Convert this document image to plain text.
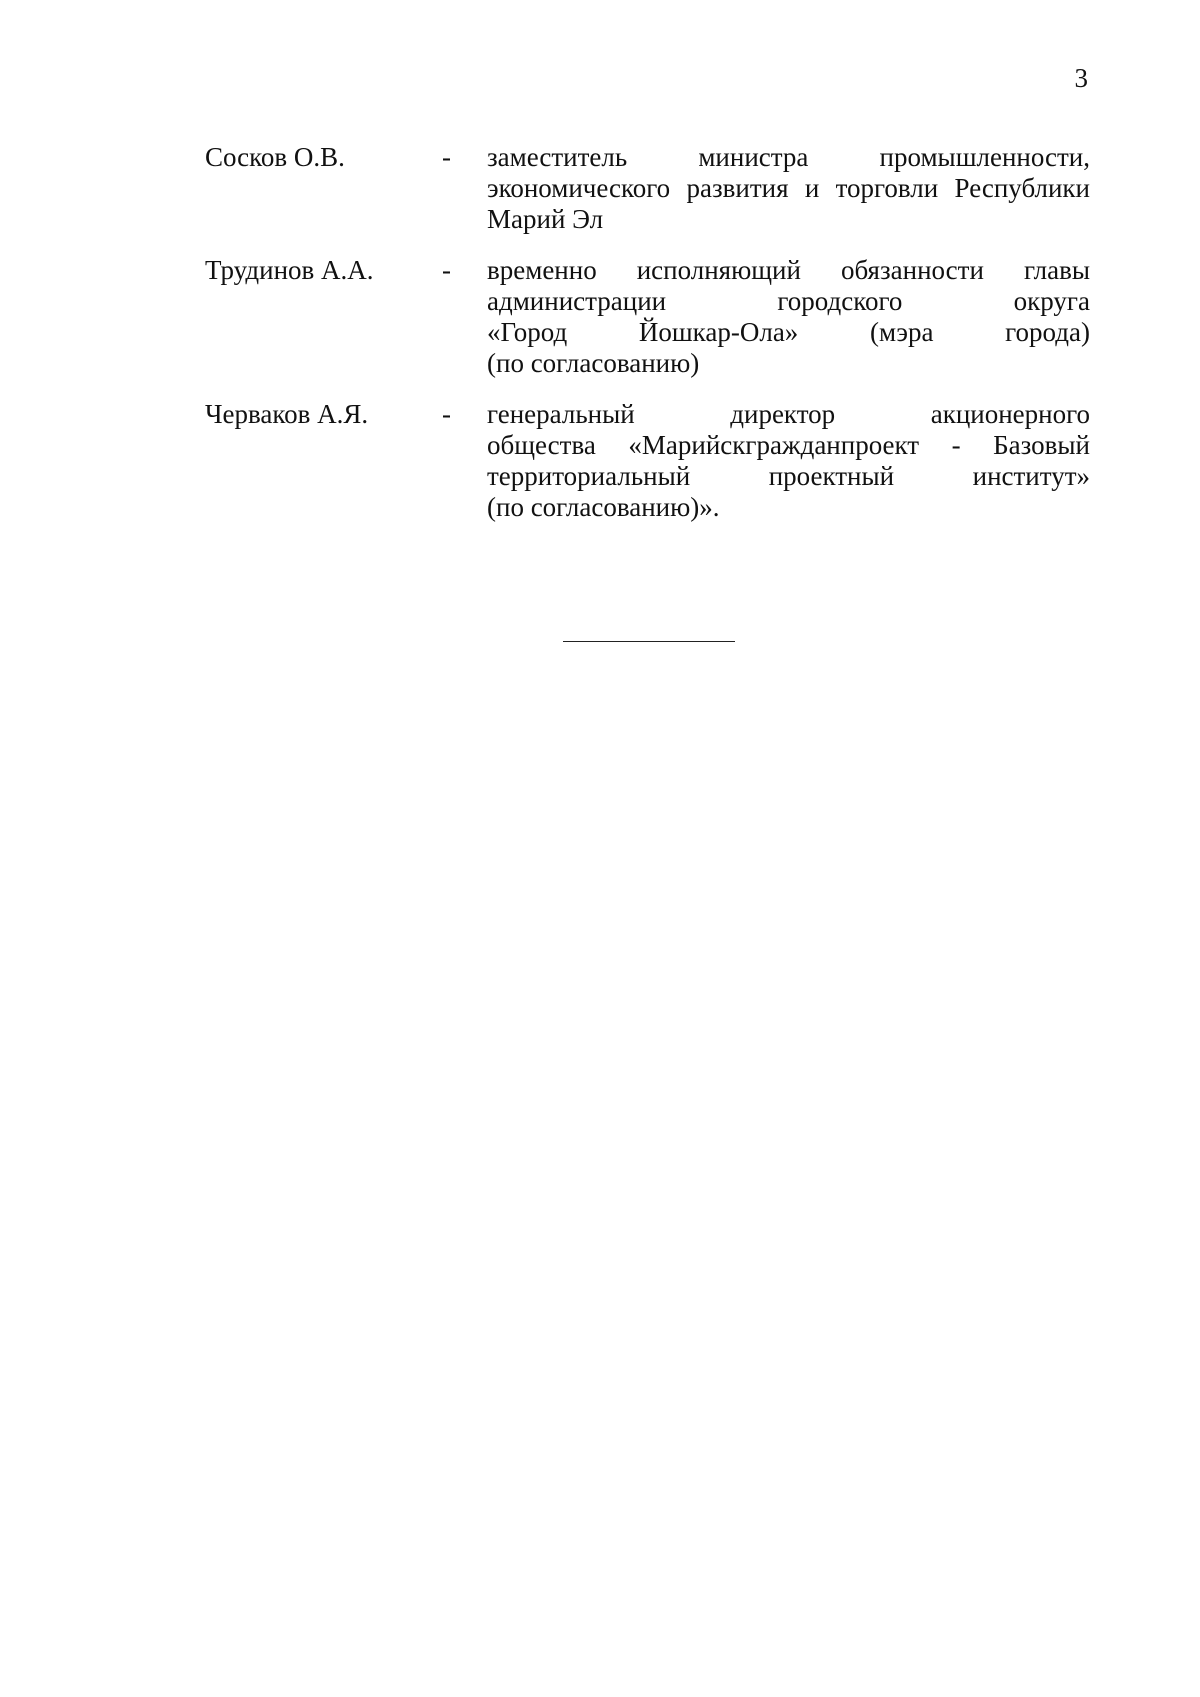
3
Сосков О.В.	- заместитель министра промышленности,
экономического развития и торговли Республики
Марий Эл
Трудинов А.А.	- временно исполняющий обязанности главы
администрации городского округа
«Город Йошкар-Ола» (мэра города)
(по согласованию)
Черваков А.Я.	- генеральный директор акционерного
общества «Марийскгражданпроект - Базовый
территориальный проектный институт»
(по согласованию)».
